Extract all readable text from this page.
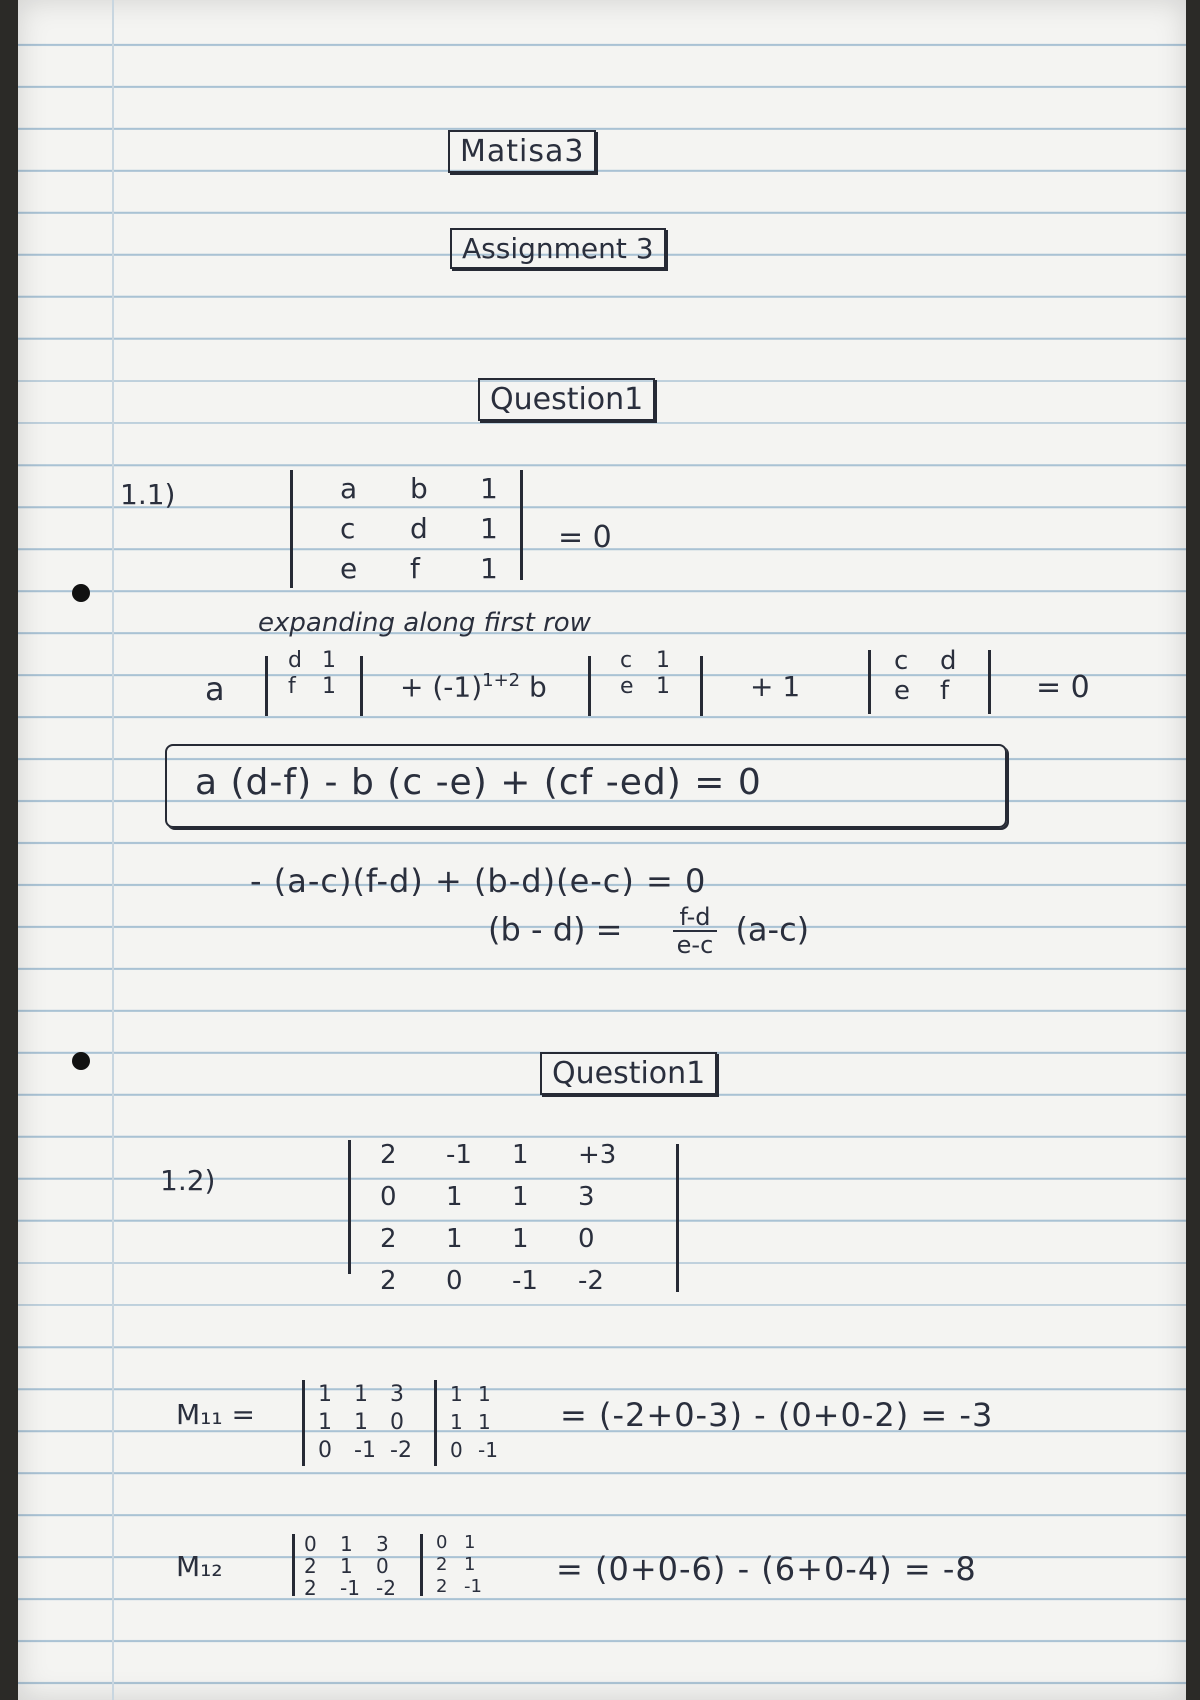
Matisa3
Assignment 3
Question1
1.1)	a b 1
c d 1
e f 1
= 0
expanding along first row
a
d 1
f $1 + (-1)^{1+2}$ b
c 1
e 1	+ 1
c d
e f	= 0
a (d-f) - b (c -e) + (cf -ed) = 0
- (a-c)(f-d) + (b-d)(e-c) = 0
$(b - d) = \frac{f-d}{e-c} (a-c)$
Question1
1.2)
2 -1 1 +3
0 1 1 3
2 1 1 0
2 0 -1 -2
M₁₁ =
1 1 3
1 1 0
0 -1 -2
1 1
1 1
0 -1
= (-2+0-3) - (0+0-2) = -3
M₁₂
0 1 3
2 1 0
2 -1 -2
0 1
2 1
2 -1 = (0+0-6) - (6+0-4) = -8
